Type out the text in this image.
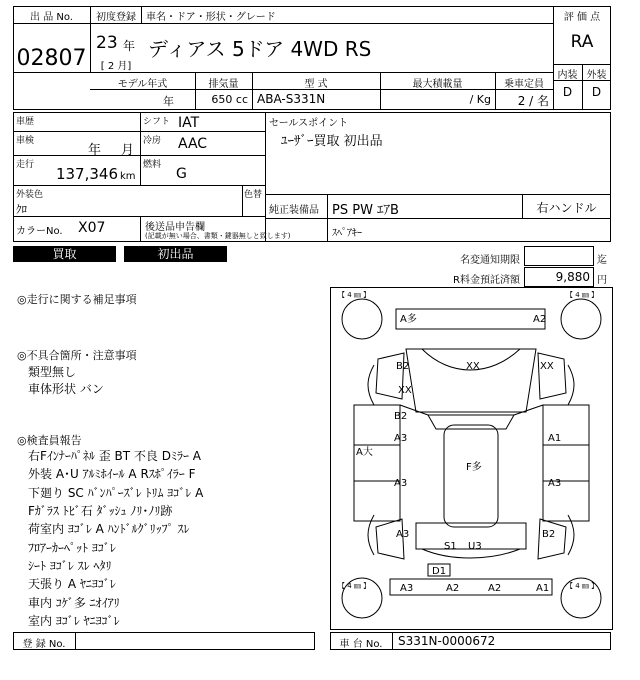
出 品 No.
02807
初度登録
23 年
[ 2 月]
車名・ドア・形状・グレード
ディアス 5ドア 4WD RS
評 価 点
RA
内装 外装
D	D
モデル年式	排気量	型 式	最大積載量	乗車定員
年	650 cc ABA-S331N	/ Kg	2 / 名
車歴
車検
年 月
走行	137,346 km
シフト IAT
冷房 AAC
燃料
G
セールスポイント
ﾕｰｻﾞｰ買取 初出品
外装色
ｸﾛ
色替
カラーNo. X07	後送品申告欄
(記載が無い場合、書類・鍵器無しと致します)
純正装備品 PS PW ｴｱB	右ハンドル
ｽﾍﾟｱｷｰ
買取	初出品	名変通知期限	迄
R料金預託済額	9,880 円
◎走行に関する補足事項
◎不具合箇所・注意事項
類型無し
車体形状 バン
◎検査員報告
右Fｲﾝﾅｰﾊﾟﾈﾙ 歪 BT 不良 Dﾐﾗｰ A
外装 A･U ｱﾙﾐﾎｲｰﾙ A Rｽﾎﾟｲﾗｰ F
下廻り SC ﾊﾞﾝﾊﾟｰｽﾞﾚ ﾄﾘﾑ ﾖｺﾞﾚ A
Fｶﾞﾗｽ ﾄﾋﾞ石 ﾀﾞｯｼｭ ﾉﾘ･ﾉﾘ跡
荷室内 ﾖｺﾞﾚ A ﾊﾝﾄﾞﾙｸﾞﾘｯﾌﾟ ｽﾚ
ﾌﾛｱｰｶｰﾍﾟｯﾄ ﾖｺﾞﾚ
ｼｰﾄ ﾖｺﾞﾚ ｽﾚ ﾍﾀﾘ
天張り A ﾔﾆﾖｺﾞﾚ
車内 ｺｹﾞ多 ﾆｵｲｱﾘ
室内 ﾖｺﾞﾚ ﾔﾆﾖｺﾞﾚ
【 4 ㎜ 】	【 4 ㎜ 】
【 4 ㎜ 】	【 4 ㎜ 】
A多	A2
B2
XX
XX	XX
B2
A3
A大
A1
F多
A3	A3
A3	B2
S1 U3
D1
A3	A2	A2	A1
登 録 No.	車 台 No.	S331N-0000672
